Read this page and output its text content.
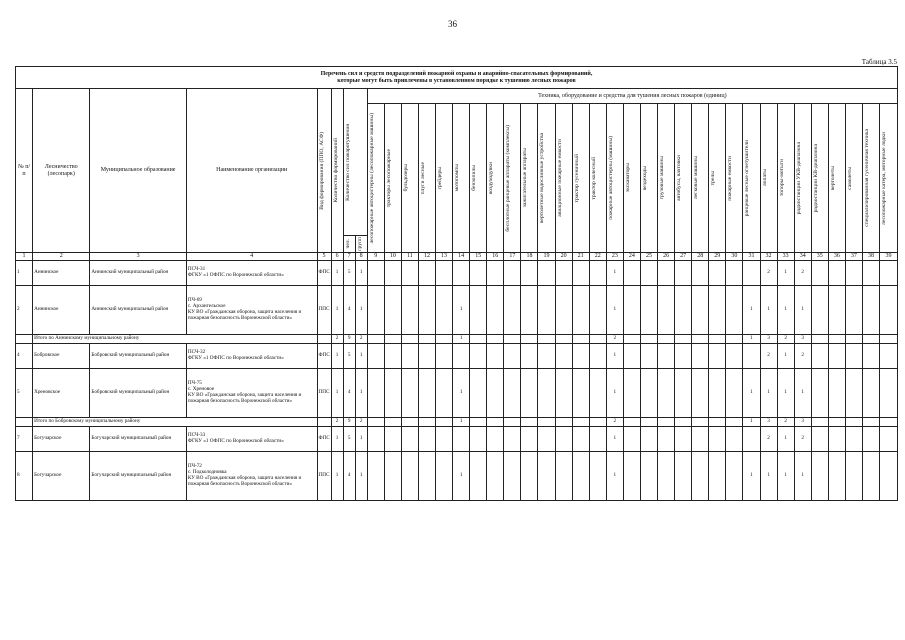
36
Таблица 3.5
Перечень сил и средств подразделений пожарной охраны и аварийно-спасательных формирований,
которые могут быть привлечены в установленном порядке к тушению лесных пожаров																																						

№ п/п	Лесничество (лесопарк)	Муниципальное образование	Наименование организации	Вид формирования (ППО, АСФ)	Количество формирований	Количество сил пожаротушения		Техника, оборудование и средства для тушения лесных пожаров (единиц)																														

								лесопожарные автоцистерны (лесопожарные машины)	тракторы лесопожарные	бульдозеры	плуги лесные	грейдеры	мотопомпы	бензопилы	воздуходувки	бесплотные ранцевые аппараты (комплексы)	зажигательные аппараты	вертолетные водосливные устройства	авиационные пожарные емкости	трактор гусеничный	трактор колесный	пожарные автоцистерны (машины)	экскаваторы	вездеходы	грузовые машины	автобусы, вахтовки	легковые машины	трелы	пожарные емкости	ранцевые лесные огнетушители	лопаты	топоры-мотыги	радиостанции УКВ-диапазона	радиостанции КВ-диапазона	вертолеты	самолеты	специализированная гусеничная техника	лесопожарные катера, моторные лодки

						чел.	групп																															

1	2	3	4	5	6	7	8	9	10	11	12	13	14	15	16	17	18	19	20	21	22	23	24	25	26	27	28	29	30	31	32	33	34	35	36	37	38	39
1	Аннинское	Аннинский муниципальный район	ПСЧ-31
ФГКУ «1 ОФПС по Воронежской области»	ФПС	1	5	1															1									2	1	2					
2	Аннинское	Аннинский муниципальный район	ПЧ-69
с. Архангельское
КУ ВО «Гражданская оборона, защита населения и пожарная безопасность Воронежской области»	ППС	1	4	1						1									1								1	1	1	1					
	Итого по Аннинскому муниципальному району				2	9	2						1									2								1	3	2	3					
4	Бобровское	Бобровский муниципальный район	ПСЧ-32
ФГКУ «1 ОФПС по Воронежской области»	ФПС	1	5	1															1									2	1	2					
5	Хреновское	Бобровский муниципальный район	ПЧ-75
с. Хреновое
КУ ВО «Гражданская оборона, защита населения и пожарная безопасность Воронежской области»	ППС	1	4	1						1									1								1	1	1	1					
	Итого по Бобровскому муниципальному району				2	9	2						1									2								1	3	2	3					
7	Богучарское	Богучарский муниципальный район	ПСЧ-33
ФГКУ «1 ОФПС по Воронежской области»	ФПС	1	5	1															1									2	1	2					
8	Богучарское	Богучарский муниципальный район	ПЧ-72
с. Подколодновка
КУ ВО «Гражданская оборона, защита населения и пожарная безопасность Воронежской области»	ППС	1	4	1						1									1								1	1	1	1					
